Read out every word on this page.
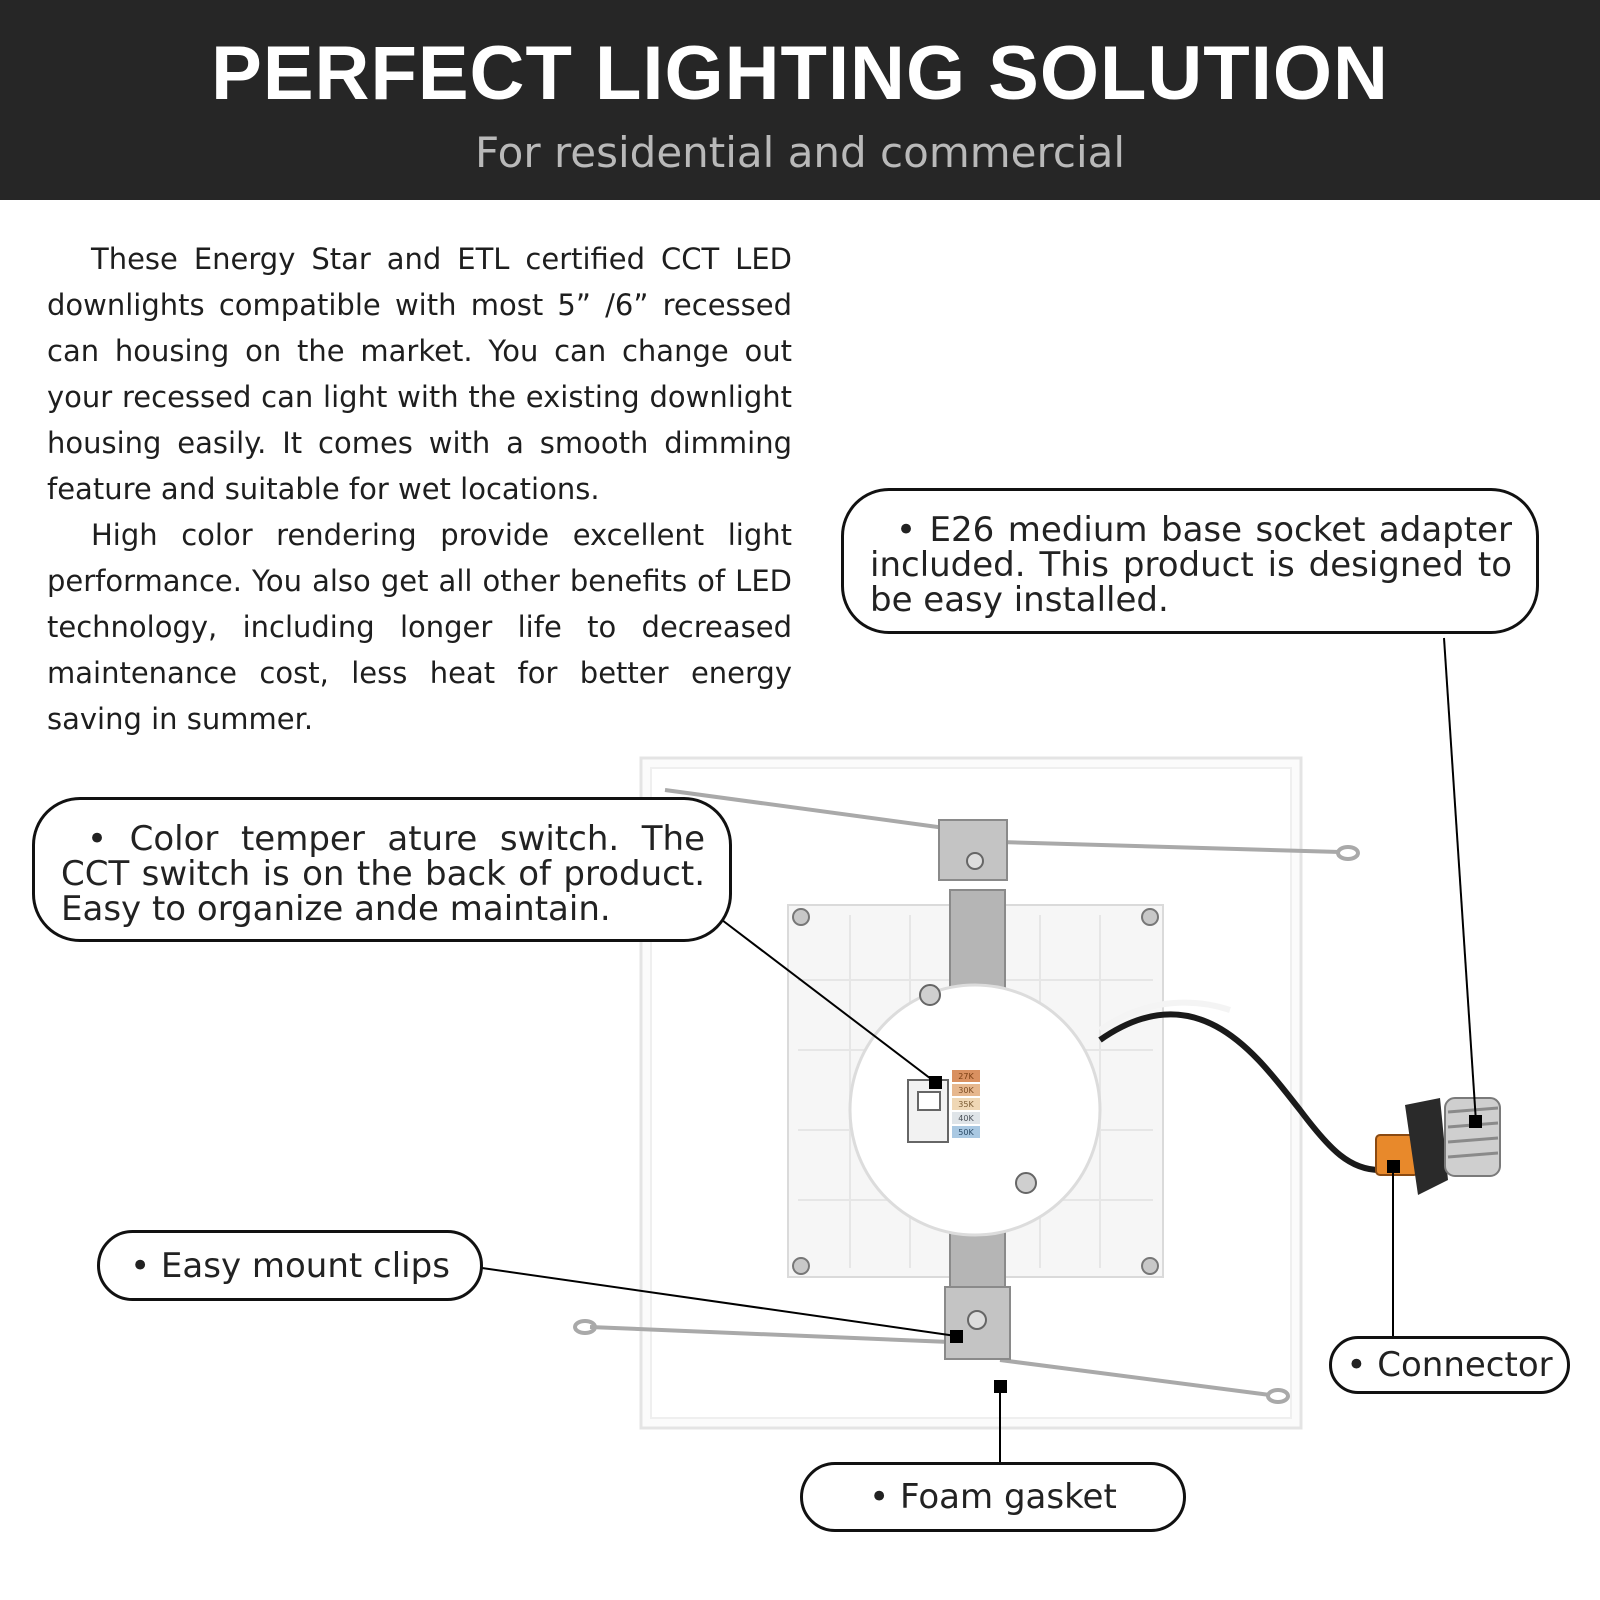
PERFECT LIGHTING SOLUTION
For residential and commercial

These Energy Star and ETL certified CCT LED downlights compatible with most 5” /6” recessed can housing on the market. You can change out your recessed can light with the existing downlight housing easily. It comes with a smooth dimming feature and suitable for wet locations.

High color rendering provide excellent light performance. You also get all other benefits of LED technology, including longer life to decreased maintenance cost, less heat for better energy saving in summer.

27K
30K
35K
40K
50K
• E26 medium base socket adapter included. This product is designed to be easy installed.
• Color temper ature switch. The CCT switch is on the back of product. Easy to organize ande maintain.
• Easy mount clips
• Connector
• Foam gasket
